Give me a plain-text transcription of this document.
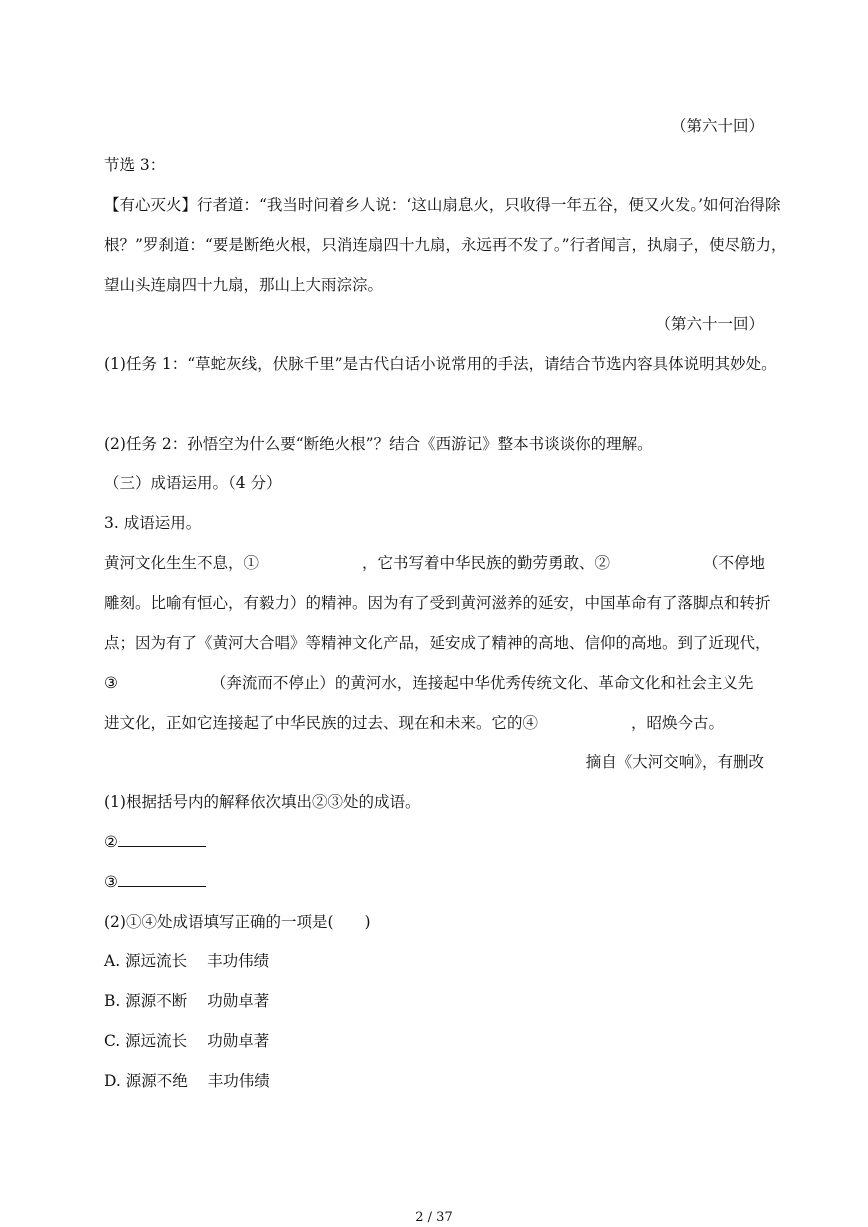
（第六十回）
节选 3：
【有心灭火】行者道：“我当时问着乡人说：‘这山扇息火，只收得一年五谷，便又火发。’如何治得除
根？”罗刹道：“要是断绝火根，只消连扇四十九扇，永远再不发了。”行者闻言，执扇子，使尽筋力，
望山头连扇四十九扇，那山上大雨淙淙。
（第六十一回）
(1)任务 1：“草蛇灰线，伏脉千里”是古代白话小说常用的手法，请结合节选内容具体说明其妙处。
(2)任务 2：孙悟空为什么要“断绝火根”？结合《西游记》整本书谈谈你的理解。
（三）成语运用。（4 分）
3. 成语运用。
黄河文化生生不息，①	，它书写着中华民族的勤劳勇敢、②	（不停地
雕刻。比喻有恒心，有毅力）的精神。因为有了受到黄河滋养的延安，中国革命有了落脚点和转折
点；因为有了《黄河大合唱》等精神文化产品，延安成了精神的高地、信仰的高地。到了近现代，
③	（奔流而不停止）的黄河水，连接起中华优秀传统文化、革命文化和社会主义先
进文化，正如它连接起了中华民族的过去、现在和未来。它的④	，昭焕今古。
摘自《大河交响》，有删改
(1)根据括号内的解释依次填出②③处的成语。
②
③
(2)①④处成语填写正确的一项是(　　)
A. 源远流长 丰功伟绩
B. 源源不断 功勋卓著
C. 源远流长 功勋卓著
D. 源源不绝 丰功伟绩
2 / 37
